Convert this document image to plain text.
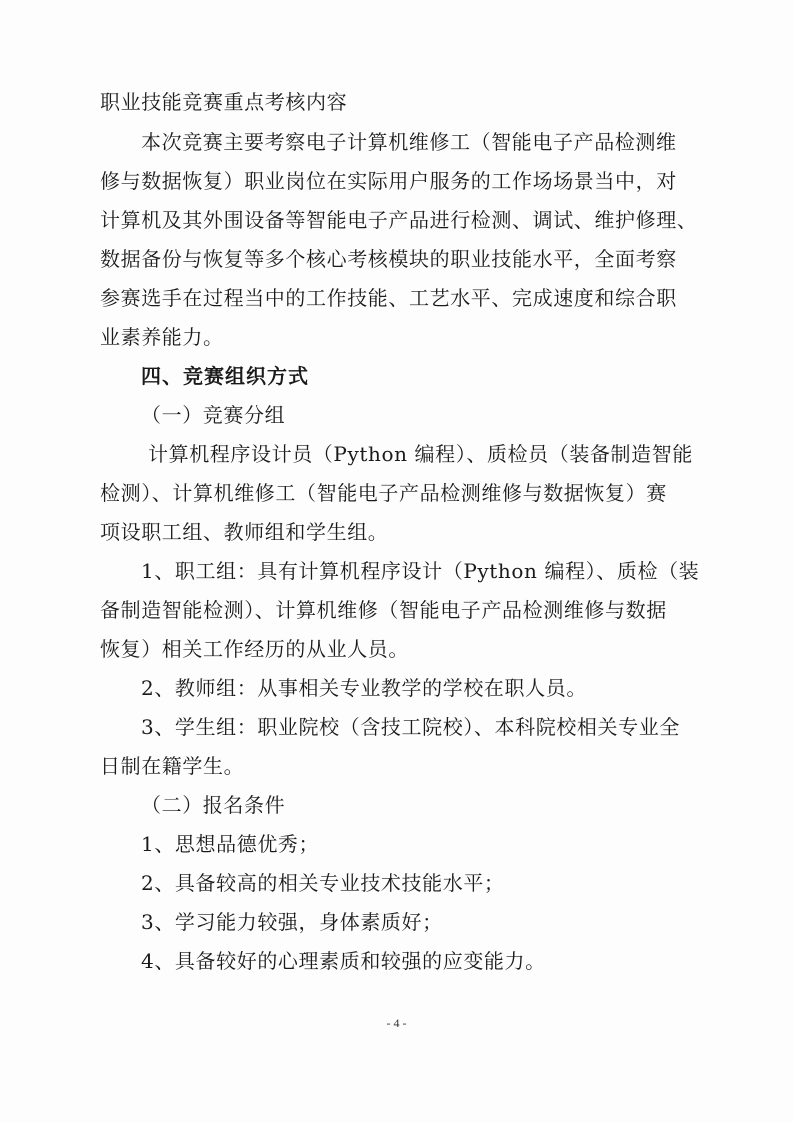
职业技能竞赛重点考核内容
本次竞赛主要考察电子计算机维修工（智能电子产品检测维
修与数据恢复）职业岗位在实际用户服务的工作场场景当中，对
计算机及其外围设备等智能电子产品进行检测、调试、维护修理、
数据备份与恢复等多个核心考核模块的职业技能水平，全面考察
参赛选手在过程当中的工作技能、工艺水平、完成速度和综合职
业素养能力。
四、竞赛组织方式
（一）竞赛分组
计算机程序设计员（Python 编程）、质检员（装备制造智能
检测）、计算机维修工（智能电子产品检测维修与数据恢复）赛
项设职工组、教师组和学生组。
1、职工组：具有计算机程序设计（Python 编程）、质检（装
备制造智能检测）、计算机维修（智能电子产品检测维修与数据
恢复）相关工作经历的从业人员。
2、教师组：从事相关专业教学的学校在职人员。
3、学生组：职业院校（含技工院校）、本科院校相关专业全
日制在籍学生。
（二）报名条件
1、思想品德优秀；
2、具备较高的相关专业技术技能水平；
3、学习能力较强，身体素质好；
4、具备较好的心理素质和较强的应变能力。
- 4 -
